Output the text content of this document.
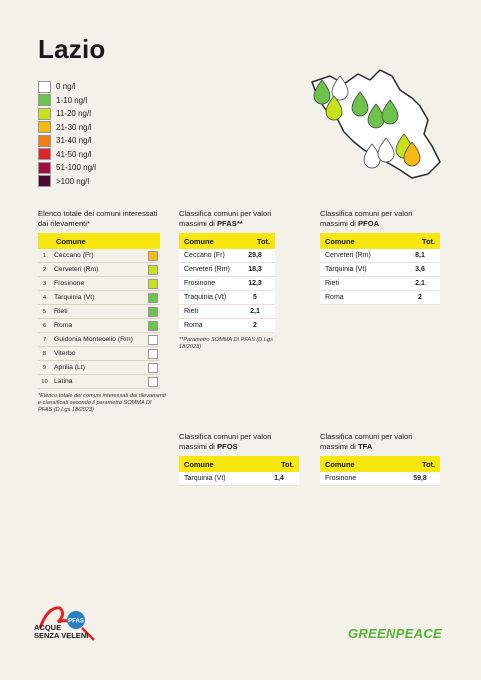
Lazio
0 ng/l
1-10 ng/l
11-20 ng/l
21-30 ng/l
31-40 ng/l
41-50 ng/l
51-100 ng/l
>100 ng/l
Elenco totale dei comuni interessati dai rilevamenti*
Comune
1	Ceccano (Fr)
2	Cerveteri (Rm)
3	Frosinone
4	Tarquinia (Vt)
5	Rieti
6	Roma
7	Guidonia Montecelio (Rm)
8	Viterbo
9	Aprilia (Lt)
10 Latina
*Elenco totale dei comuni interessati dai rilevamenti e classificati secondo il parametro SOMMA DI PFAS (D.Lgs 18/2023)
Classifica comuni per valori massimi di PFAS**
Comune	Tot.
Ceccano (Fr)	29,8
Cerveteri (Rm)	18,3
Frosinone	12,3
Traquinia (Vt)	5
Rieti	2,1
Roma	2
**Parametro SOMMA DI PFAS (D.Lgs 18/2023)
Classifica comuni per valori massimi di PFOA
Comune	Tot.
Cerveteri (Rm)	8,1
Tarquinia (Vt)	3,6
Rieti	2,1
Roma	2
Classifica comuni per valori massimi di PFOS
Comune	Tot.
Tarquinia (Vt)	1,4
Classifica comuni per valori massimi di TFA
Comune	Tot.
Frosinone	59,8
PFAS
ACQUE
SENZA VELENI	GREENPEACE
